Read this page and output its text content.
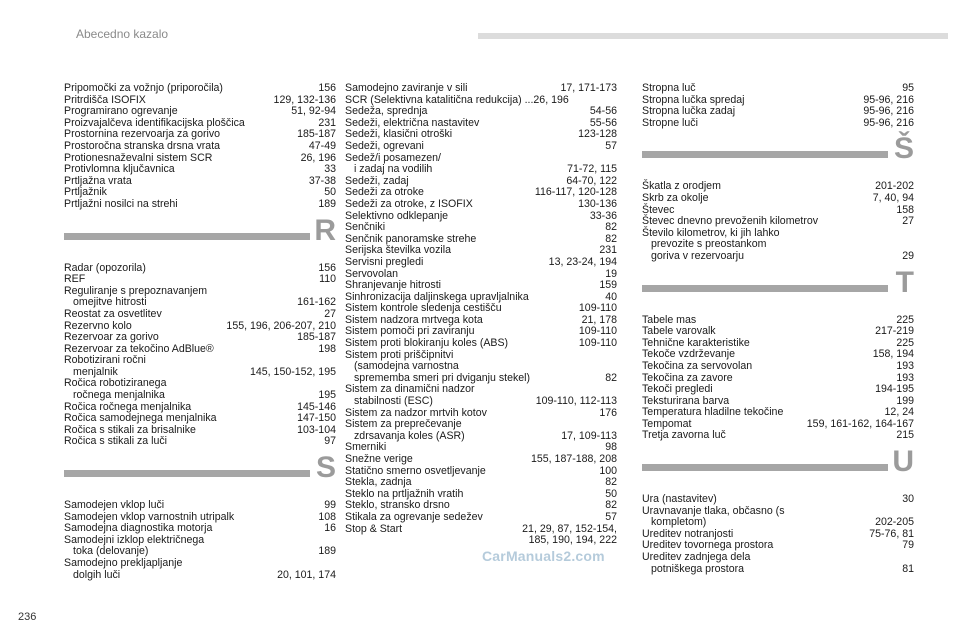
Abecedno kazalo
Pripomočki za vožnjo (priporočila)	156
Pritrdišča ISOFIX	129, 132-136
Programirano ogrevanje	51, 92-94
Proizvajalčeva identifikacijska ploščica	231
Prostornina rezervoarja za gorivo	185-187
Prostoročna stranska drsna vrata	47-49
Protionesnaževalni sistem SCR	26, 196
Protivlomna ključavnica	33
Prtljažna vrata	37-38
Prtljažnik	50
Prtljažni nosilci na strehi	189
R
Radar (opozorila)	156
REF	110
Reguliranje s prepoznavanjem
omejitve hitrosti	161-162
Reostat za osvetlitev	27
Rezervno kolo	155, 196, 206-207, 210
Rezervoar za gorivo	185-187
Rezervoar za tekočino AdBlue®	198
Robotizirani ročni
menjalnik	145, 150-152, 195
Ročica robotiziranega
ročnega menjalnika	195
Ročica ročnega menjalnika	145-146
Ročica samodejnega menjalnika	147-150
Ročica s stikali za brisalnike	103-104
Ročica s stikali za luči	97
S
Samodejen vklop luči	99
Samodejen vklop varnostnih utripalk	108
Samodejna diagnostika motorja	16
Samodejni izklop električnega
toka (delovanje)	189
Samodejno prekljapljanje
dolgih luči	20, 101, 174
Samodejno zaviranje v sili	17, 171-173
SCR (Selektivna katalitična redukcija) ...26, 196
Sedeža, sprednja	54-56
Sedeži, električna nastavitev	55-56
Sedeži, klasični otroški	123-128
Sedeži, ogrevani	57
Sedež/i posamezen/
i zadaj na vodilih	71-72, 115
Sedeži, zadaj	64-70, 122
Sedeži za otroke	116-117, 120-128
Sedeži za otroke, z ISOFIX	130-136
Selektivno odklepanje	33-36
Senčniki	82
Senčnik panoramske strehe	82
Serijska številka vozila	231
Servisni pregledi	13, 23-24, 194
Servovolan	19
Shranjevanje hitrosti	159
Sinhronizacija daljinskega upravljalnika	40
Sistem kontrole sledenja cestišču	109-110
Sistem nadzora mrtvega kota	21, 178
Sistem pomoči pri zaviranju	109-110
Sistem proti blokiranju koles (ABS)	109-110
Sistem proti priščipnitvi
(samodejna varnostna
sprememba smeri pri dviganju stekel)	82
Sistem za dinamični nadzor
stabilnosti (ESC)	109-110, 112-113
Sistem za nadzor mrtvih kotov	176
Sistem za preprečevanje
zdrsavanja koles (ASR)	17, 109-113
Smerniki	98
Snežne verige	155, 187-188, 208
Statično smerno osvetljevanje	100
Stekla, zadnja	82
Steklo na prtljažnih vratih	50
Steklo, stransko drsno	82
Stikala za ogrevanje sedežev	57
Stop & Start	21, 29, 87, 152-154,
185, 190, 194, 222
Stropna luč	95
Stropna lučka spredaj	95-96, 216
Stropna lučka zadaj	95-96, 216
Stropne luči	95-96, 216
Š
Škatla z orodjem	201-202
Skrb za okolje	7, 40, 94
Števec	158
Števec dnevno prevoženih kilometrov	27
Število kilometrov, ki jih lahko
prevozite s preostankom
goriva v rezervoarju	29
T
Tabele mas	225
Tabele varovalk	217-219
Tehnične karakteristike	225
Tekoče vzdrževanje	158, 194
Tekočina za servovolan	193
Tekočina za zavore	193
Tekoči pregledi	194-195
Teksturirana barva	199
Temperatura hladilne tekočine	12, 24
Tempomat	159, 161-162, 164-167
Tretja zavorna luč	215
U
Ura (nastavitev)	30
Uravnavanje tlaka, občasno (s
kompletom)	202-205
Ureditev notranjosti	75-76, 81
Ureditev tovornega prostora	79
Ureditev zadnjega dela
potniškega prostora	81
236
CarManuals2.com
